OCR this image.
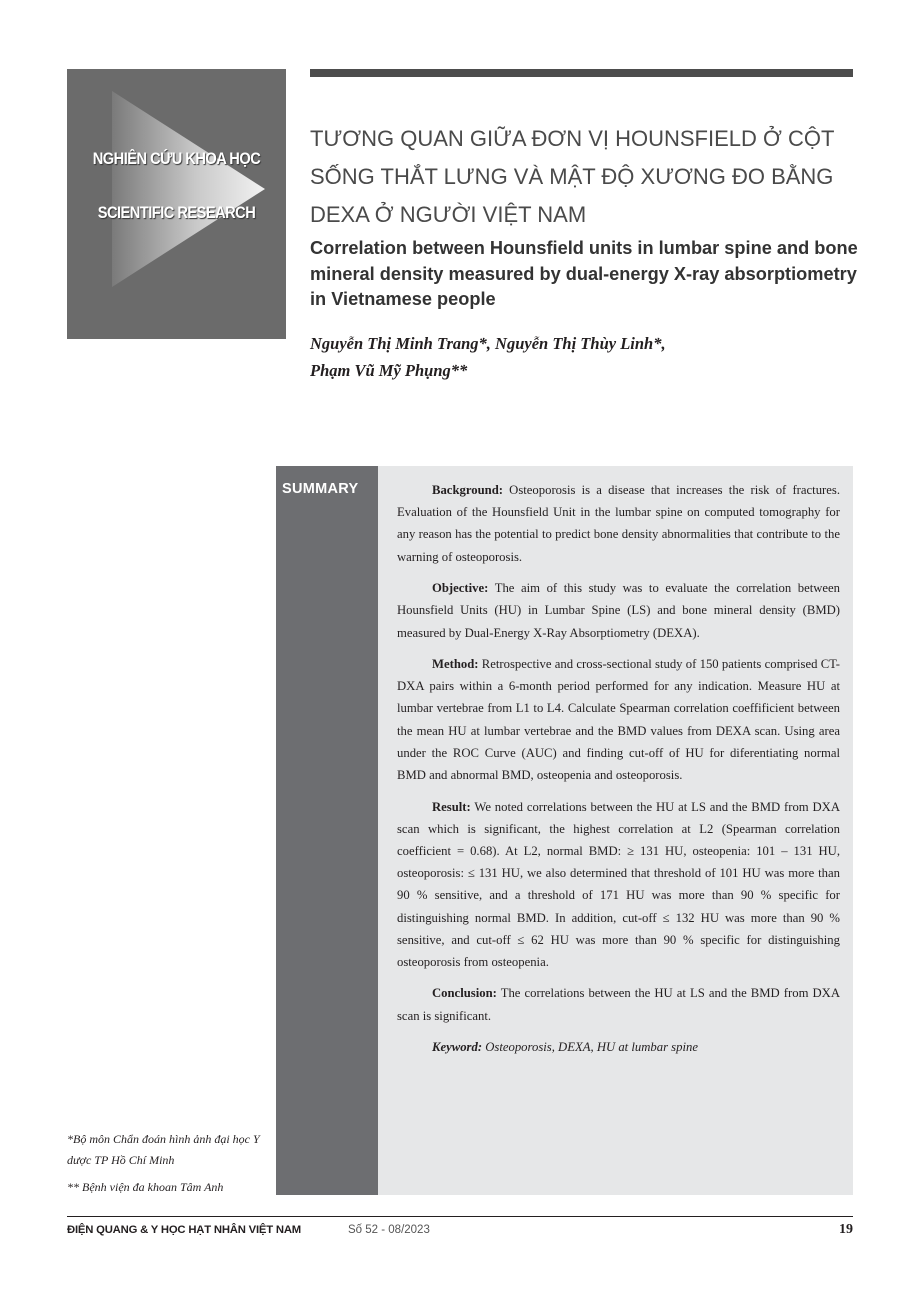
NGHIÊN CỨU KHOA HỌC
SCIENTIFIC RESEARCH
TƯƠNG QUAN GIỮA ĐƠN VỊ HOUNSFIELD Ở CỘT SỐNG THẮT LƯNG VÀ MẬT ĐỘ XƯƠNG ĐO BẰNG DEXA Ở NGƯỜI VIỆT NAM
Correlation between Hounsfield units in lumbar spine and bone mineral density measured by dual-energy X-ray absorptiometry in Vietnamese people
Nguyễn Thị Minh Trang*, Nguyễn Thị Thùy Linh*,
Phạm Vũ Mỹ Phụng**
SUMMARY	Background: Osteoporosis is a disease that increases the risk of fractures. Evaluation of the Hounsfield Unit in the lumbar spine on computed tomography for any reason has the potential to predict bone density abnormalities that contribute to the warning of osteoporosis.

Objective: The aim of this study was to evaluate the correlation between Hounsfield Units (HU) in Lumbar Spine (LS) and bone mineral density (BMD) measured by Dual-Energy X-Ray Absorptiometry (DEXA).

Method: Retrospective and cross-sectional study of 150 patients comprised CT-DXA pairs within a 6-month period performed for any indication. Measure HU at lumbar vertebrae from L1 to L4. Calculate Spearman correlation coeffificient between the mean HU at lumbar vertebrae and the BMD values from DEXA scan. Using area under the ROC Curve (AUC) and finding cut-off of HU for diferentiating normal BMD and abnormal BMD, osteopenia and osteoporosis.

Result: We noted correlations between the HU at LS and the BMD from DXA scan which is significant, the highest correlation at L2 (Spearman correlation coefficient = 0.68). At L2, normal BMD: ≥ 131 HU, osteopenia: 101 – 131 HU, osteoporosis: ≤ 131 HU, we also determined that threshold of 101 HU was more than 90 % sensitive, and a threshold of 171 HU was more than 90 % specific for distinguishing normal BMD. In addition, cut-off ≤ 132 HU was more than 90 % sensitive, and cut-off ≤ 62 HU was more than 90 % specific for distinguishing osteoporosis from osteopenia.

Conclusion: The correlations between the HU at LS and the BMD from DXA scan is significant.

Keyword: Osteoporosis, DEXA, HU at lumbar spine

*Bộ môn Chẩn đoán hình ảnh đại học Y dược TP Hồ Chí Minh

** Bệnh viện đa khoan Tâm Anh

ĐIỆN QUANG & Y HỌC HẠT NHÂN VIỆT NAM	Số 52 - 08/2023	19
